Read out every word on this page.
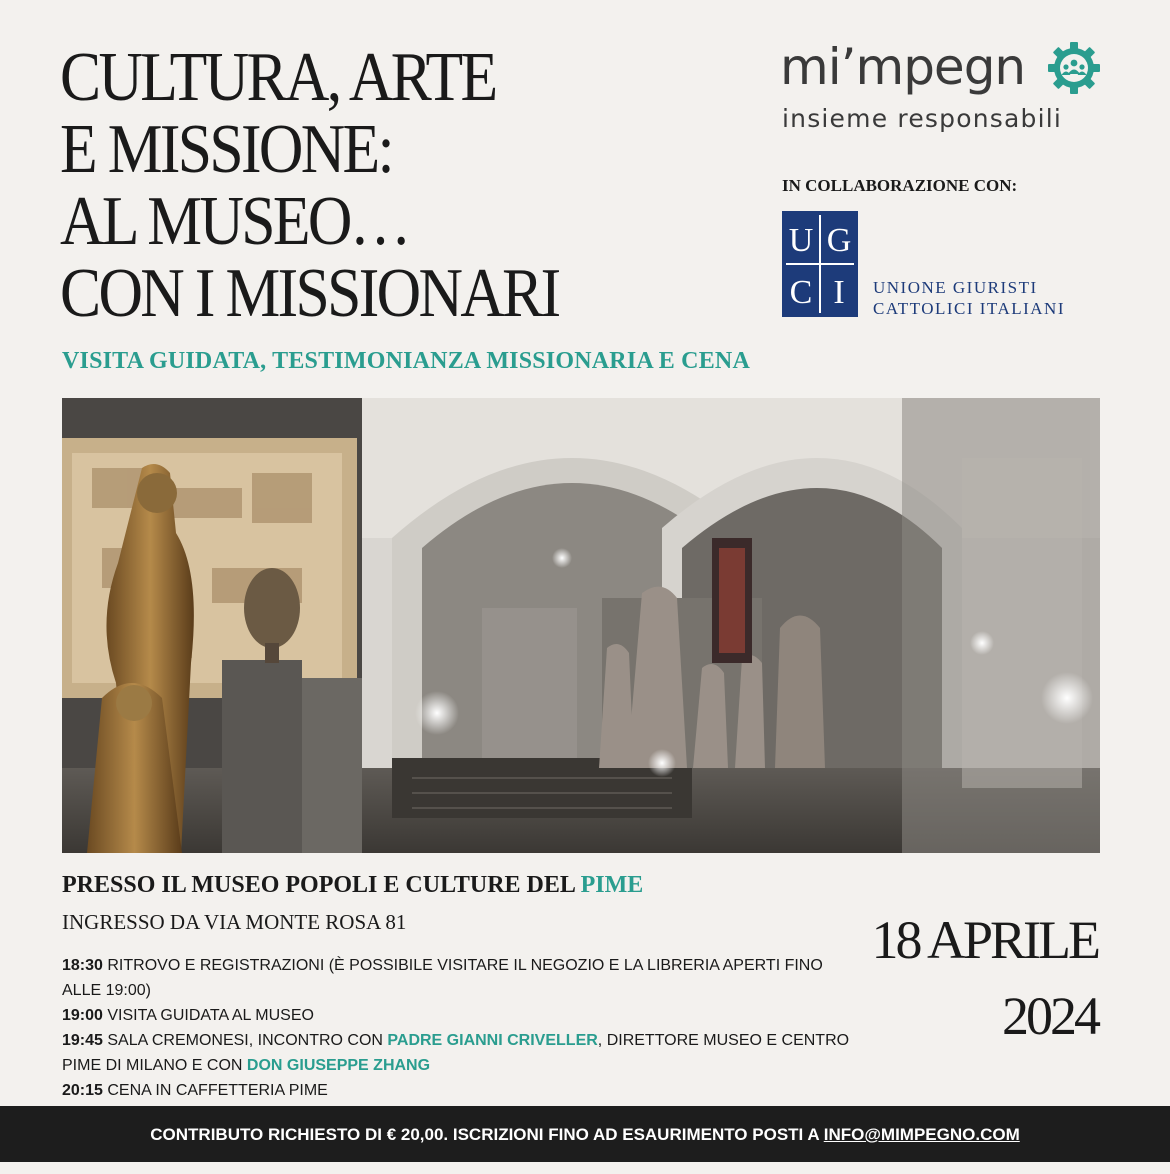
CULTURA, ARTE
E MISSIONE:
AL MUSEO…
CON I MISSIONARI
VISITA GUIDATA, TESTIMONIANZA MISSIONARIA E CENA
mi’mpegn
insieme responsabili
IN COLLABORAZIONE CON:
U G
C I UNIONE GIURISTI
CATTOLICI ITALIANI
PRESSO IL MUSEO POPOLI E CULTURE DEL PIME
INGRESSO DA VIA MONTE ROSA 81

18:30 RITROVO E REGISTRAZIONI (È POSSIBILE VISITARE IL NEGOZIO E LA LIBRERIA APERTI FINO ALLE 19:00)

19:00 VISITA GUIDATA AL MUSEO

19:45 SALA CREMONESI, INCONTRO CON PADRE GIANNI CRIVELLER, DIRETTORE MUSEO E CENTRO PIME DI MILANO E CON DON GIUSEPPE ZHANG

20:15 CENA IN CAFFETTERIA PIME

18 APRILE
2024
CONTRIBUTO RICHIESTO DI € 20,00. ISCRIZIONI FINO AD ESAURIMENTO POSTI A INFO@MIMPEGNO.COM
